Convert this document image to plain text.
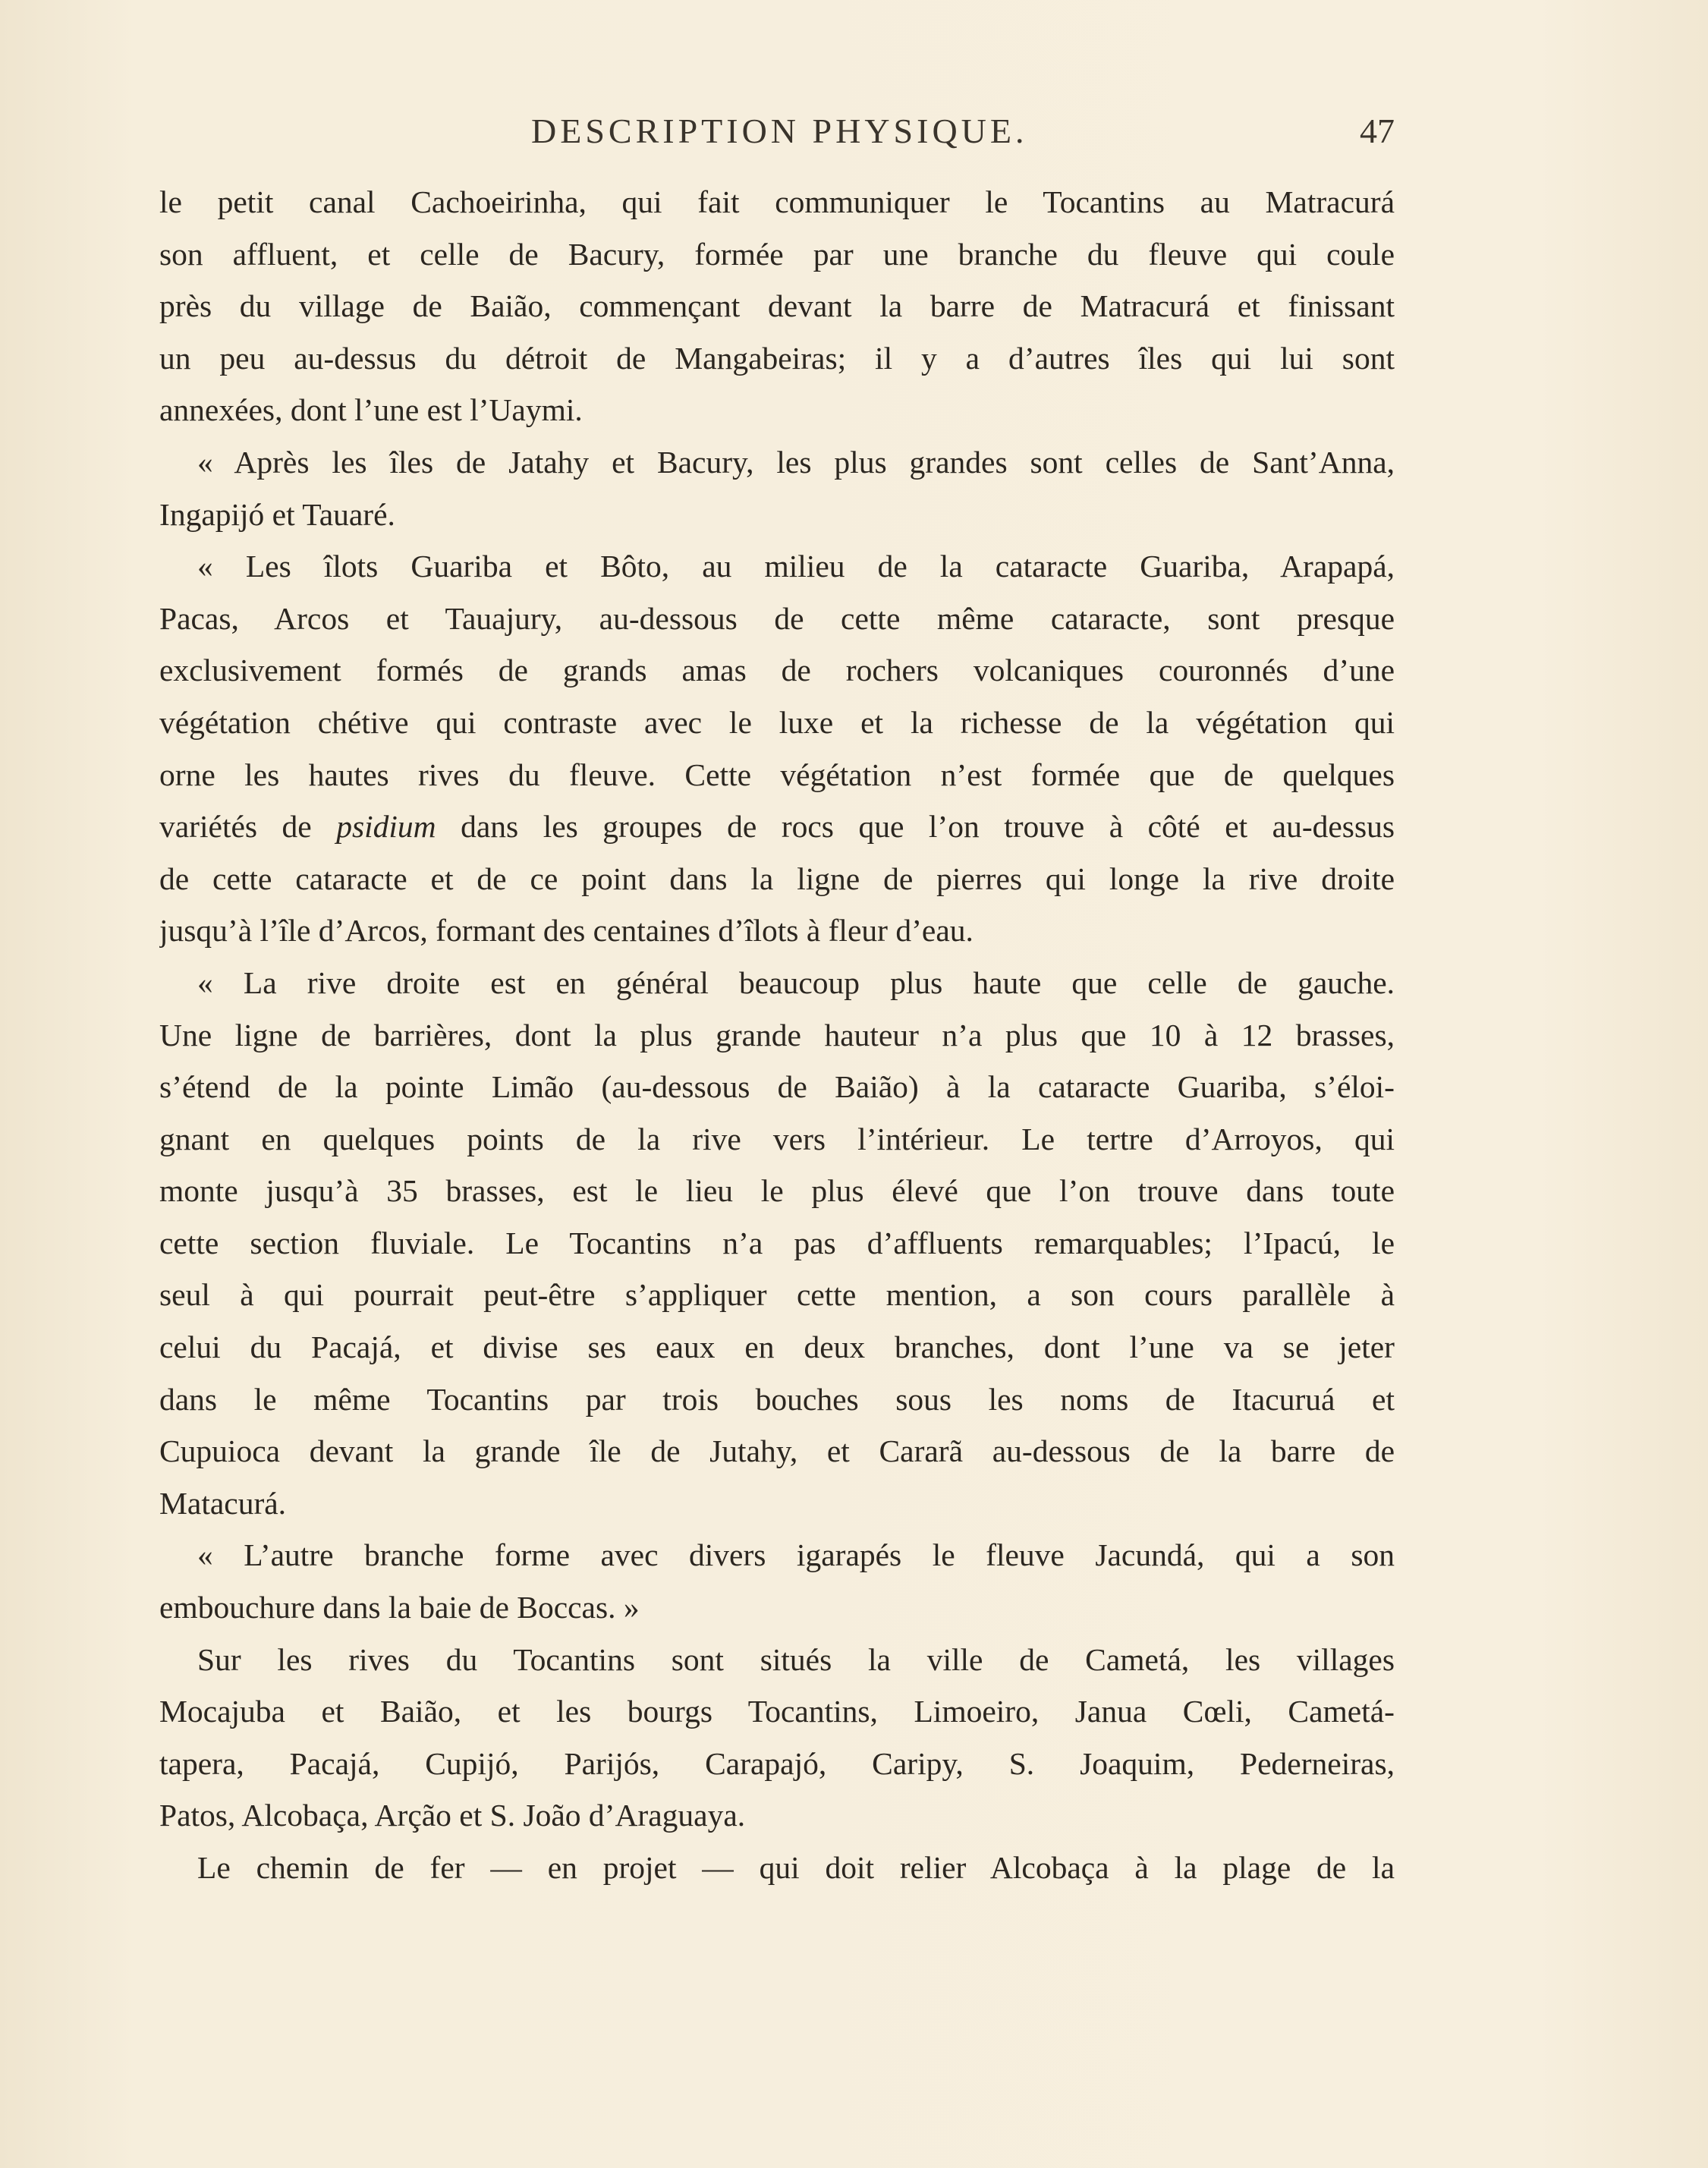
DESCRIPTION PHYSIQUE.	47

le petit canal Cachoeirinha, qui fait communiquer le Tocantins au Matracurá
son affluent, et celle de Bacury, formée par une branche du fleuve qui coule
près du village de Baião, commençant devant la barre de Matracurá et finissant
un peu au-dessus du détroit de Mangabeiras; il y a d’autres îles qui lui sont
annexées, dont l’une est l’Uaymi.

« Après les îles de Jatahy et Bacury, les plus grandes sont celles de Sant’Anna,
Ingapijó et Tauaré.

« Les îlots Guariba et Bôto, au milieu de la cataracte Guariba, Arapapá,
Pacas, Arcos et Tauajury, au-dessous de cette même cataracte, sont presque
exclusivement formés de grands amas de rochers volcaniques couronnés d’une
végétation chétive qui contraste avec le luxe et la richesse de la végétation qui
orne les hautes rives du fleuve. Cette végétation n’est formée que de quelques
variétés de psidium dans les groupes de rocs que l’on trouve à côté et au-dessus
de cette cataracte et de ce point dans la ligne de pierres qui longe la rive droite
jusqu’à l’île d’Arcos, formant des centaines d’îlots à fleur d’eau.

« La rive droite est en général beaucoup plus haute que celle de gauche.
Une ligne de barrières, dont la plus grande hauteur n’a plus que 10 à 12 brasses,
s’étend de la pointe Limão (au-dessous de Baião) à la cataracte Guariba, s’éloi-
gnant en quelques points de la rive vers l’intérieur. Le tertre d’Arroyos, qui
monte jusqu’à 35 brasses, est le lieu le plus élevé que l’on trouve dans toute
cette section fluviale. Le Tocantins n’a pas d’affluents remarquables; l’Ipacú, le
seul à qui pourrait peut-être s’appliquer cette mention, a son cours parallèle à
celui du Pacajá, et divise ses eaux en deux branches, dont l’une va se jeter
dans le même Tocantins par trois bouches sous les noms de Itacuruá et
Cupuioca devant la grande île de Jutahy, et Cararã au-dessous de la barre de
Matacurá.

« L’autre branche forme avec divers igarapés le fleuve Jacundá, qui a son
embouchure dans la baie de Boccas. »

Sur les rives du Tocantins sont situés la ville de Cametá, les villages
Mocajuba et Baião, et les bourgs Tocantins, Limoeiro, Janua Cœli, Cametá-
tapera, Pacajá, Cupijó, Parijós, Carapajó, Caripy, S. Joaquim, Pederneiras,
Patos, Alcobaça, Arção et S. João d’Araguaya.

Le chemin de fer — en projet — qui doit relier Alcobaça à la plage de la
